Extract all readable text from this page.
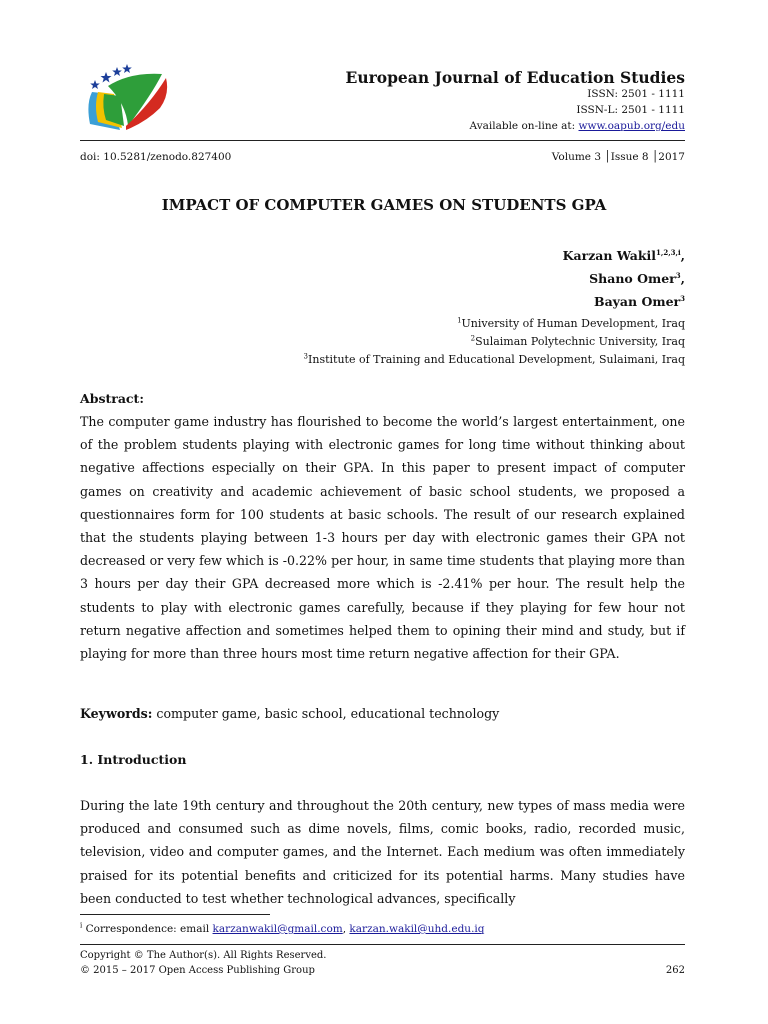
European Journal of Education Studies
ISSN: 2501 - 1111
ISSN-L: 2501 - 1111
Available on-line at: www.oapub.org/edu
doi: 10.5281/zenodo.827400	Volume 3 │Issue 8 │2017
IMPACT OF COMPUTER GAMES ON STUDENTS GPA
Karzan Wakil$^{1,2,3,i}$,
Shano Omer$^3$,
Bayan Omer$^3$
$^1$University of Human Development, Iraq
$^2$Sulaiman Polytechnic University, Iraq
$^3$Institute of Training and Educational Development, Sulaimani, Iraq
Abstract:
The computer game industry has flourished to become the world’s largest entertainment, one of the problem students playing with electronic games for long time without thinking about negative affections especially on their GPA. In this paper to present impact of computer games on creativity and academic achievement of basic school students, we proposed a questionnaires form for 100 students at basic schools. The result of our research explained that the students playing between 1-3 hours per day with electronic games their GPA not decreased or very few which is -0.22% per hour, in same time students that playing more than 3 hours per day their GPA decreased more which is -2.41% per hour. The result help the students to play with electronic games carefully, because if they playing for few hour not return negative affection and sometimes helped them to opining their mind and study, but if playing for more than three hours most time return negative affection for their GPA.
Keywords: computer game, basic school, educational technology
1. Introduction
During the late 19th century and throughout the 20th century, new types of mass media were produced and consumed such as dime novels, films, comic books, radio, recorded music, television, video and computer games, and the Internet. Each medium was often immediately praised for its potential benefits and criticized for its potential harms. Many studies have been conducted to test whether technological advances, specifically
$^i$ Correspondence: email karzanwakil@gmail.com, karzan.wakil@uhd.edu.iq
Copyright © The Author(s). All Rights Reserved.
© 2015 – 2017 Open Access Publishing Group	262
